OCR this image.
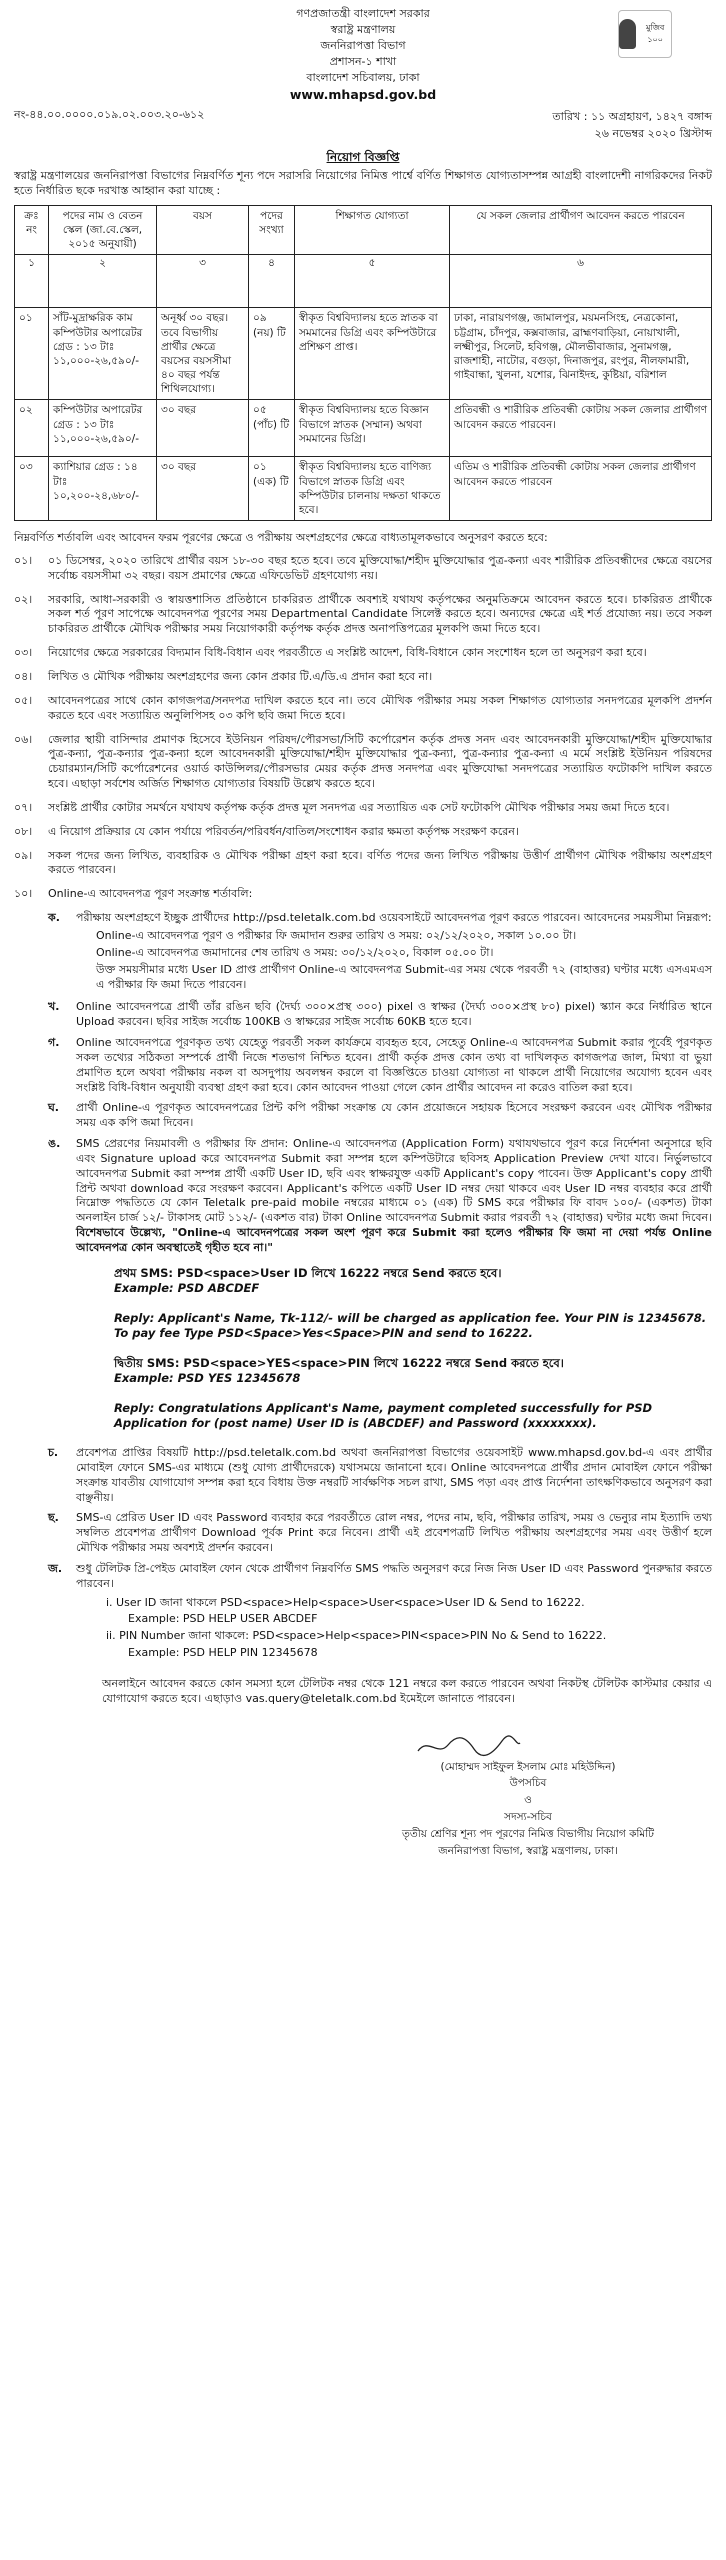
গণপ্রজাতন্ত্রী বাংলাদেশ সরকার
স্বরাষ্ট্র মন্ত্রণালয়
জননিরাপত্তা বিভাগ
প্রশাসন-১ শাখা
বাংলাদেশ সচিবালয়, ঢাকা
www.mhapsd.gov.bd
মুজিব ১০০
নং-৪৪.০০.০০০০.০১৯.০২.০০৩.২০-৬১২	তারিখ : ১১ অগ্রহায়ণ, ১৪২৭ বঙ্গাব্দ
২৬ নভেম্বর ২০২০ খ্রিস্টাব্দ
নিয়োগ বিজ্ঞপ্তি
স্বরাষ্ট্র মন্ত্রণালয়ের জননিরাপত্তা বিভাগের নিম্নবর্ণিত শূন্য পদে সরাসরি নিয়োগের নিমিত্ত পার্শ্বে বর্ণিত শিক্ষাগত যোগ্যতাসম্পন্ন আগ্রহী বাংলাদেশী নাগরিকদের নিকট হতে নির্ধারিত ছকে দরখাস্ত আহ্বান করা যাচ্ছে :
ক্রঃ নং	পদের নাম ও বেতন স্কেল (জা.বে.স্কেল, ২০১৫ অনুযায়ী)	বয়স	পদের সংখ্যা	শিক্ষাগত যোগ্যতা	যে সকল জেলার প্রার্থীগণ আবেদন করতে পারবেন
১	২	৩	৪	৫	৬
০১	সাঁট-মুদ্রাক্ষরিক কাম কম্পিউটার অপারেটর গ্রেড : ১৩ টাঃ ১১,০০০-২৬,৫৯০/-	অনূর্ধ্ব ৩০ বছর। তবে বিভাগীয় প্রার্থীর ক্ষেত্রে বয়সের বয়সসীমা ৪০ বছর পর্যন্ত শিথিলযোগ্য।	০৯ (নয়) টি	স্বীকৃত বিশ্ববিদ্যালয় হতে স্নাতক বা সমমানের ডিগ্রি এবং কম্পিউটারে প্রশিক্ষণ প্রাপ্ত।	ঢাকা, নারায়ণগঞ্জ, জামালপুর, ময়মনসিংহ, নেত্রকোনা, চট্টগ্রাম, চাঁদপুর, কক্সবাজার, ব্রাহ্মণবাড়িয়া, নোয়াখালী, লক্ষ্মীপুর, সিলেট, হবিগঞ্জ, মৌলভীবাজার, সুনামগঞ্জ, রাজশাহী, নাটোর, বগুড়া, দিনাজপুর, রংপুর, নীলফামারী, গাইবান্ধা, খুলনা, যশোর, ঝিনাইদহ, কুষ্টিয়া, বরিশাল
০২	কম্পিউটার অপারেটর গ্রেড : ১৩ টাঃ ১১,০০০-২৬,৫৯০/-	৩০ বছর	০৫ (পাঁচ) টি	স্বীকৃত বিশ্ববিদ্যালয় হতে বিজ্ঞান বিভাগে স্নাতক (সম্মান) অথবা সমমানের ডিগ্রি।	প্রতিবন্ধী ও শারীরিক প্রতিবন্ধী কোটায় সকল জেলার প্রার্থীগণ আবেদন করতে পারবেন।
০৩	ক্যাশিয়ার গ্রেড : ১৪ টাঃ ১০,২০০-২৪,৬৮০/-	৩০ বছর	০১ (এক) টি	স্বীকৃত বিশ্ববিদ্যালয় হতে বাণিজ্য বিভাগে স্নাতক ডিগ্রি এবং কম্পিউটার চালনায় দক্ষতা থাকতে হবে।	এতিম ও শারীরিক প্রতিবন্ধী কোটায় সকল জেলার প্রার্থীগণ আবেদন করতে পারবেন
নিম্নবর্ণিত শর্তাবলি এবং আবেদন ফরম পূরণের ক্ষেত্রে ও পরীক্ষায় অংশগ্রহণের ক্ষেত্রে বাধ্যতামূলকভাবে অনুসরণ করতে হবে:
০১।	০১ ডিসেম্বর, ২০২০ তারিখে প্রার্থীর বয়স ১৮-৩০ বছর হতে হবে। তবে মুক্তিযোদ্ধা/শহীদ মুক্তিযোদ্ধার পুত্র-কন্যা এবং শারীরিক প্রতিবন্ধীদের ক্ষেত্রে বয়সের সর্বোচ্চ বয়সসীমা ৩২ বছর। বয়স প্রমাণের ক্ষেত্রে এফিডেভিট গ্রহণযোগ্য নয়।
০২।	সরকারি, আধা-সরকারী ও স্বায়ত্তশাসিত প্রতিষ্ঠানে চাকরিরত প্রার্থীকে অবশ্যই যথাযথ কর্তৃপক্ষের অনুমতিক্রমে আবেদন করতে হবে। চাকরিরত প্রার্থীকে সকল শর্ত পূরণ সাপেক্ষে আবেদনপত্র পূরণের সময় Departmental Candidate সিলেক্ট করতে হবে। অন্যদের ক্ষেত্রে এই শর্ত প্রযোজ্য নয়। তবে সকল চাকরিরত প্রার্থীকে মৌখিক পরীক্ষার সময় নিয়োগকারী কর্তৃপক্ষ কর্তৃক প্রদত্ত অনাপত্তিপত্রের মূলকপি জমা দিতে হবে।
০৩।	নিয়োগের ক্ষেত্রে সরকারের বিদ্যমান বিধি-বিধান এবং পরবর্তীতে এ সংশ্লিষ্ট আদেশ, বিধি-বিধানে কোন সংশোধন হলে তা অনুসরণ করা হবে।
০৪।	লিখিত ও মৌখিক পরীক্ষায় অংশগ্রহণের জন্য কোন প্রকার টি.এ/ডি.এ প্রদান করা হবে না।
০৫।	আবেদনপত্রের সাথে কোন কাগজপত্র/সনদপত্র দাখিল করতে হবে না। তবে মৌখিক পরীক্ষার সময় সকল শিক্ষাগত যোগ্যতার সনদপত্রের মূলকপি প্রদর্শন করতে হবে এবং সত্যায়িত অনুলিপিসহ ০৩ কপি ছবি জমা দিতে হবে।
০৬।	জেলার স্থায়ী বাসিন্দার প্রমাণক হিসেবে ইউনিয়ন পরিষদ/পৌরসভা/সিটি কর্পোরেশন কর্তৃক প্রদত্ত সনদ এবং আবেদনকারী মুক্তিযোদ্ধা/শহীদ মুক্তিযোদ্ধার পুত্র-কন্যা, পুত্র-কন্যার পুত্র-কন্যা হলে আবেদনকারী মুক্তিযোদ্ধা/শহীদ মুক্তিযোদ্ধার পুত্র-কন্যা, পুত্র-কন্যার পুত্র-কন্যা এ মর্মে সংশ্লিষ্ট ইউনিয়ন পরিষদের চেয়ারম্যান/সিটি কর্পোরেশনের ওয়ার্ড কাউন্সিলর/পৌরসভার মেয়র কর্তৃক প্রদত্ত সনদপত্র এবং মুক্তিযোদ্ধা সনদপত্রের সত্যায়িত ফটোকপি দাখিল করতে হবে। এছাড়া সর্বশেষ অর্জিত শিক্ষাগত যোগ্যতার বিষয়টি উল্লেখ করতে হবে।
০৭।	সংশ্লিষ্ট প্রার্থীর কোটার সমর্থনে যথাযথ কর্তৃপক্ষ কর্তৃক প্রদত্ত মূল সনদপত্র এর সত্যায়িত এক সেট ফটোকপি মৌখিক পরীক্ষার সময় জমা দিতে হবে।
০৮।	এ নিয়োগ প্রক্রিয়ার যে কোন পর্যায়ে পরিবর্তন/পরিবর্ধন/বাতিল/সংশোধন করার ক্ষমতা কর্তৃপক্ষ সংরক্ষণ করেন।
০৯।	সকল পদের জন্য লিখিত, ব্যবহারিক ও মৌখিক পরীক্ষা গ্রহণ করা হবে। বর্ণিত পদের জন্য লিখিত পরীক্ষায় উত্তীর্ণ প্রার্থীগণ মৌখিক পরীক্ষায় অংশগ্রহণ করতে পারবেন।
১০।	Online-এ আবেদনপত্র পূরণ সংক্রান্ত শর্তাবলি:
ক.	পরীক্ষায় অংশগ্রহণে ইচ্ছুক প্রার্থীদের http://psd.teletalk.com.bd ওয়েবসাইটে আবেদনপত্র পূরণ করতে পারবেন। আবেদনের সময়সীমা নিম্নরূপ:
Online-এ আবেদনপত্র পূরণ ও পরীক্ষার ফি জমাদান শুরুর তারিখ ও সময়: ০২/১২/২০২০, সকাল ১০.০০ টা।
Online-এ আবেদনপত্র জমাদানের শেষ তারিখ ও সময়: ৩০/১২/২০২০, বিকাল ০৫.০০ টা।
উক্ত সময়সীমার মধ্যে User ID প্রাপ্ত প্রার্থীগণ Online-এ আবেদনপত্র Submit-এর সময় থেকে পরবর্তী ৭২ (বাহাত্তর) ঘণ্টার মধ্যে এসএমএস এ পরীক্ষার ফি জমা দিতে পারবেন।
খ.	Online আবেদনপত্রে প্রার্থী তাঁর রঙিন ছবি (দৈর্ঘ্য ৩০০×প্রস্থ ৩০০) pixel ও স্বাক্ষর (দৈর্ঘ্য ৩০০×প্রস্থ ৮০) pixel) স্ক্যান করে নির্ধারিত স্থানে Upload করবেন। ছবির সাইজ সর্বোচ্চ 100KB ও স্বাক্ষরের সাইজ সর্বোচ্চ 60KB হতে হবে।
গ.	Online আবেদনপত্রে পূরণকৃত তথ্য যেহেতু পরবর্তী সকল কার্যক্রমে ব্যবহৃত হবে, সেহেতু Online-এ আবেদনপত্র Submit করার পূর্বেই পূরণকৃত সকল তথ্যের সঠিকতা সম্পর্কে প্রার্থী নিজে শতভাগ নিশ্চিত হবেন। প্রার্থী কর্তৃক প্রদত্ত কোন তথ্য বা দাখিলকৃত কাগজপত্র জাল, মিথ্যা বা ভুয়া প্রমাণিত হলে অথবা পরীক্ষায় নকল বা অসদুপায় অবলম্বন করলে বা বিজ্ঞপ্তিতে চাওয়া যোগ্যতা না থাকলে প্রার্থী নিয়োগের অযোগ্য হবেন এবং সংশ্লিষ্ট বিধি-বিধান অনুযায়ী ব্যবস্থা গ্রহণ করা হবে। কোন আবেদন পাওয়া গেলে কোন প্রার্থীর আবেদন না করেও বাতিল করা হবে।
ঘ.	প্রার্থী Online-এ পূরণকৃত আবেদনপত্রের প্রিন্ট কপি পরীক্ষা সংক্রান্ত যে কোন প্রয়োজনে সহায়ক হিসেবে সংরক্ষণ করবেন এবং মৌখিক পরীক্ষার সময় এক কপি জমা দিবেন।
ঙ.	SMS প্রেরণের নিয়মাবলী ও পরীক্ষার ফি প্রদান: Online-এ আবেদনপত্র (Application Form) যথাযথভাবে পূরণ করে নির্দেশনা অনুসারে ছবি এবং Signature upload করে আবেদনপত্র Submit করা সম্পন্ন হলে কম্পিউটারে ছবিসহ Application Preview দেখা যাবে। নির্ভুলভাবে আবেদনপত্র Submit করা সম্পন্ন প্রার্থী একটি User ID, ছবি এবং স্বাক্ষরযুক্ত একটি Applicant's copy পাবেন। উক্ত Applicant's copy প্রার্থী প্রিন্ট অথবা download করে সংরক্ষণ করবেন। Applicant's কপিতে একটি User ID নম্বর দেয়া থাকবে এবং User ID নম্বর ব্যবহার করে প্রার্থী নিম্নোক্ত পদ্ধতিতে যে কোন Teletalk pre-paid mobile নম্বরের মাধ্যমে ০১ (এক) টি SMS করে পরীক্ষার ফি বাবদ ১০০/- (একশত) টাকা অনলাইন চার্জ ১২/- টাকাসহ মোট ১১২/- (একশত বার) টাকা Online আবেদনপত্র Submit করার পরবর্তী ৭২ (বাহাত্তর) ঘণ্টার মধ্যে জমা দিবেন। বিশেষভাবে উল্লেখ্য, "Online-এ আবেদনপত্রের সকল অংশ পূরণ করে Submit করা হলেও পরীক্ষার ফি জমা না দেয়া পর্যন্ত Online আবেদনপত্র কোন অবস্থাতেই গৃহীত হবে না।"
প্রথম SMS: PSD<space>User ID লিখে 16222 নম্বরে Send করতে হবে।
Example: PSD ABCDEF
Reply: Applicant's Name, Tk-112/- will be charged as application fee. Your PIN is 12345678. To pay fee Type PSD<Space>Yes<Space>PIN and send to 16222.
দ্বিতীয় SMS: PSD<space>YES<space>PIN লিখে 16222 নম্বরে Send করতে হবে।
Example: PSD YES 12345678
Reply: Congratulations Applicant's Name, payment completed successfully for PSD Application for (post name) User ID is (ABCDEF) and Password (xxxxxxxx).
চ.	প্রবেশপত্র প্রাপ্তির বিষয়টি http://psd.teletalk.com.bd অথবা জননিরাপত্তা বিভাগের ওয়েবসাইট www.mhapsd.gov.bd-এ এবং প্রার্থীর মোবাইল ফোনে SMS-এর মাধ্যমে (শুধু যোগ্য প্রার্থীদেরকে) যথাসময়ে জানানো হবে। Online আবেদনপত্রে প্রার্থীর প্রদান মোবাইল ফোনে পরীক্ষা সংক্রান্ত যাবতীয় যোগাযোগ সম্পন্ন করা হবে বিধায় উক্ত নম্বরটি সার্বক্ষণিক সচল রাখা, SMS পড়া এবং প্রাপ্ত নির্দেশনা তাৎক্ষণিকভাবে অনুসরণ করা বাঞ্ছনীয়।
ছ.	SMS-এ প্রেরিত User ID এবং Password ব্যবহার করে পরবর্তীতে রোল নম্বর, পদের নাম, ছবি, পরীক্ষার তারিখ, সময় ও ভেন্যুর নাম ইত্যাদি তথ্য সম্বলিত প্রবেশপত্র প্রার্থীগণ Download পূর্বক Print করে নিবেন। প্রার্থী এই প্রবেশপত্রটি লিখিত পরীক্ষায় অংশগ্রহণের সময় এবং উত্তীর্ণ হলে মৌখিক পরীক্ষার সময় অবশ্যই প্রদর্শন করবেন।
জ.	শুধু টেলিটক প্রি-পেইড মোবাইল ফোন থেকে প্রার্থীগণ নিম্নবর্ণিত SMS পদ্ধতি অনুসরণ করে নিজ নিজ User ID এবং Password পুনরুদ্ধার করতে পারবেন।
i. User ID জানা থাকলে PSD<space>Help<space>User<space>User ID & Send to 16222.
Example: PSD HELP USER ABCDEF
ii. PIN Number জানা থাকলে: PSD<space>Help<space>PIN<space>PIN No & Send to 16222.
Example: PSD HELP PIN 12345678
অনলাইনে আবেদন করতে কোন সমস্যা হলে টেলিটক নম্বর থেকে 121 নম্বরে কল করতে পারবেন অথবা নিকটস্থ টেলিটক কাস্টমার কেয়ার এ যোগাযোগ করতে হবে। এছাড়াও vas.query@teletalk.com.bd ইমেইলে জানাতে পারবেন।
(মোহাম্মদ সাইফুল ইসলাম মোঃ মহিউদ্দিন)
উপসচিব
ও
সদস্য-সচিব
তৃতীয় শ্রেণির শূন্য পদ পূরণের নিমিত্ত বিভাগীয় নিয়োগ কমিটি
জননিরাপত্তা বিভাগ, স্বরাষ্ট্র মন্ত্রণালয়, ঢাকা।
